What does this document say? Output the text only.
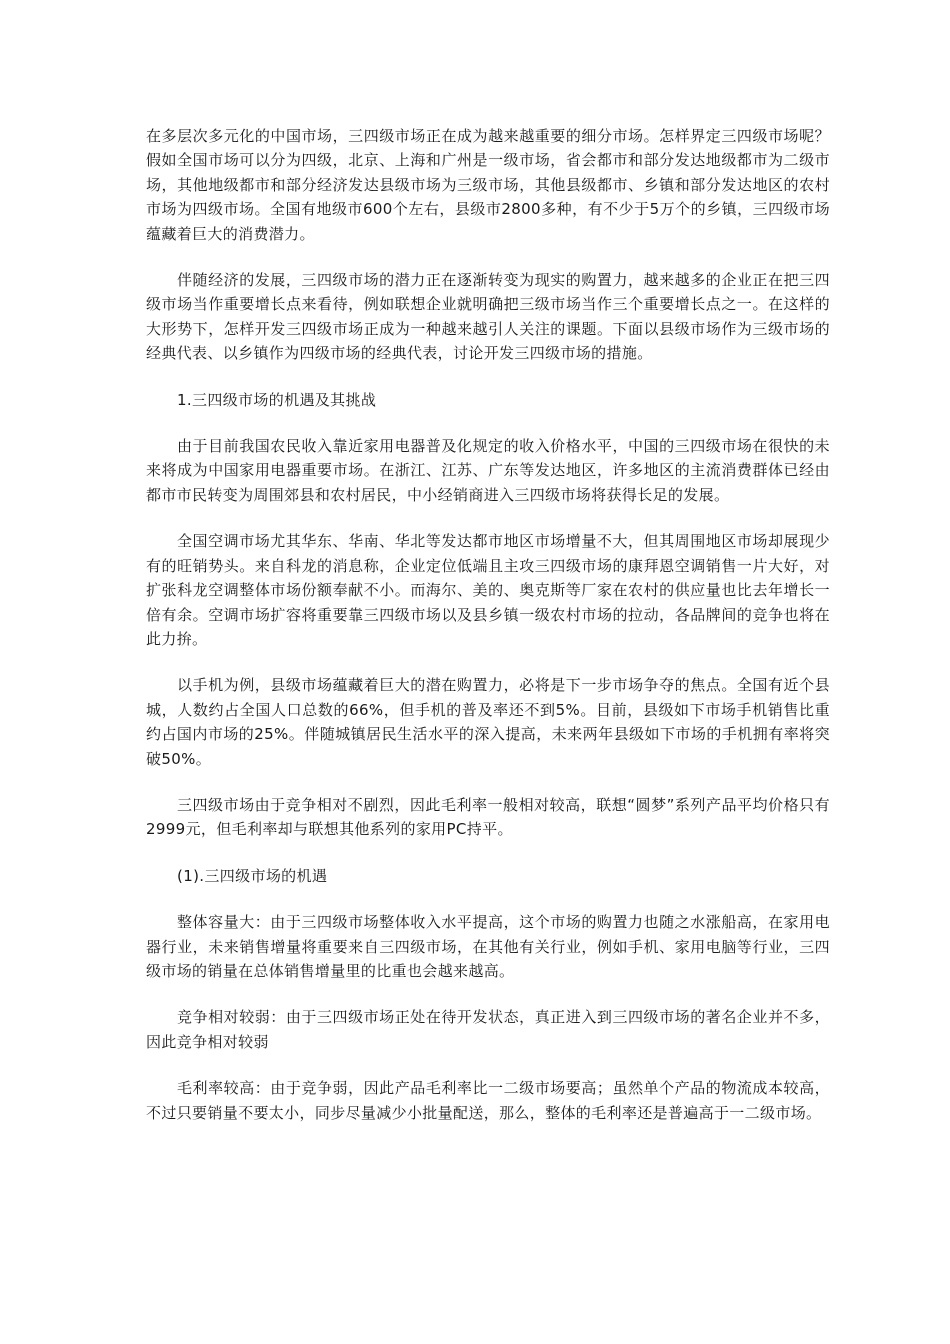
在多层次多元化的中国市场，三四级市场正在成为越来越重要的细分市场。怎样界定三四级市场呢？假如全国市场可以分为四级，北京、上海和广州是一级市场，省会都市和部分发达地级都市为二级市场，其他地级都市和部分经济发达县级市场为三级市场，其他县级都市、乡镇和部分发达地区的农村市场为四级市场。全国有地级市600个左右，县级市2800多种，有不少于5万个的乡镇，三四级市场蕴藏着巨大的消费潜力。

伴随经济的发展，三四级市场的潜力正在逐渐转变为现实的购置力，越来越多的企业正在把三四级市场当作重要增长点来看待，例如联想企业就明确把三级市场当作三个重要增长点之一。在这样的大形势下，怎样开发三四级市场正成为一种越来越引人关注的课题。下面以县级市场作为三级市场的经典代表、以乡镇作为四级市场的经典代表，讨论开发三四级市场的措施。

1.三四级市场的机遇及其挑战

由于目前我国农民收入靠近家用电器普及化规定的收入价格水平，中国的三四级市场在很快的未来将成为中国家用电器重要市场。在浙江、江苏、广东等发达地区，许多地区的主流消费群体已经由都市市民转变为周围郊县和农村居民，中小经销商进入三四级市场将获得长足的发展。

全国空调市场尤其华东、华南、华北等发达都市地区市场增量不大，但其周围地区市场却展现少有的旺销势头。来自科龙的消息称，企业定位低端且主攻三四级市场的康拜恩空调销售一片大好，对扩张科龙空调整体市场份额奉献不小。而海尔、美的、奥克斯等厂家在农村的供应量也比去年增长一倍有余。空调市场扩容将重要靠三四级市场以及县乡镇一级农村市场的拉动，各品牌间的竞争也将在此力拚。

以手机为例，县级市场蕴藏着巨大的潜在购置力，必将是下一步市场争夺的焦点。全国有近个县城，人数约占全国人口总数的66%，但手机的普及率还不到5%。目前，县级如下市场手机销售比重约占国内市场的25%。伴随城镇居民生活水平的深入提高，未来两年县级如下市场的手机拥有率将突破50%。

三四级市场由于竞争相对不剧烈，因此毛利率一般相对较高，联想“圆梦”系列产品平均价格只有2999元，但毛利率却与联想其他系列的家用PC持平。

(1).三四级市场的机遇

整体容量大：由于三四级市场整体收入水平提高，这个市场的购置力也随之水涨船高，在家用电器行业，未来销售增量将重要来自三四级市场，在其他有关行业，例如手机、家用电脑等行业，三四级市场的销量在总体销售增量里的比重也会越来越高。

竞争相对较弱：由于三四级市场正处在待开发状态，真正进入到三四级市场的著名企业并不多，因此竞争相对较弱

毛利率较高：由于竞争弱，因此产品毛利率比一二级市场要高；虽然单个产品的物流成本较高，不过只要销量不要太小，同步尽量减少小批量配送，那么，整体的毛利率还是普遍高于一二级市场。
